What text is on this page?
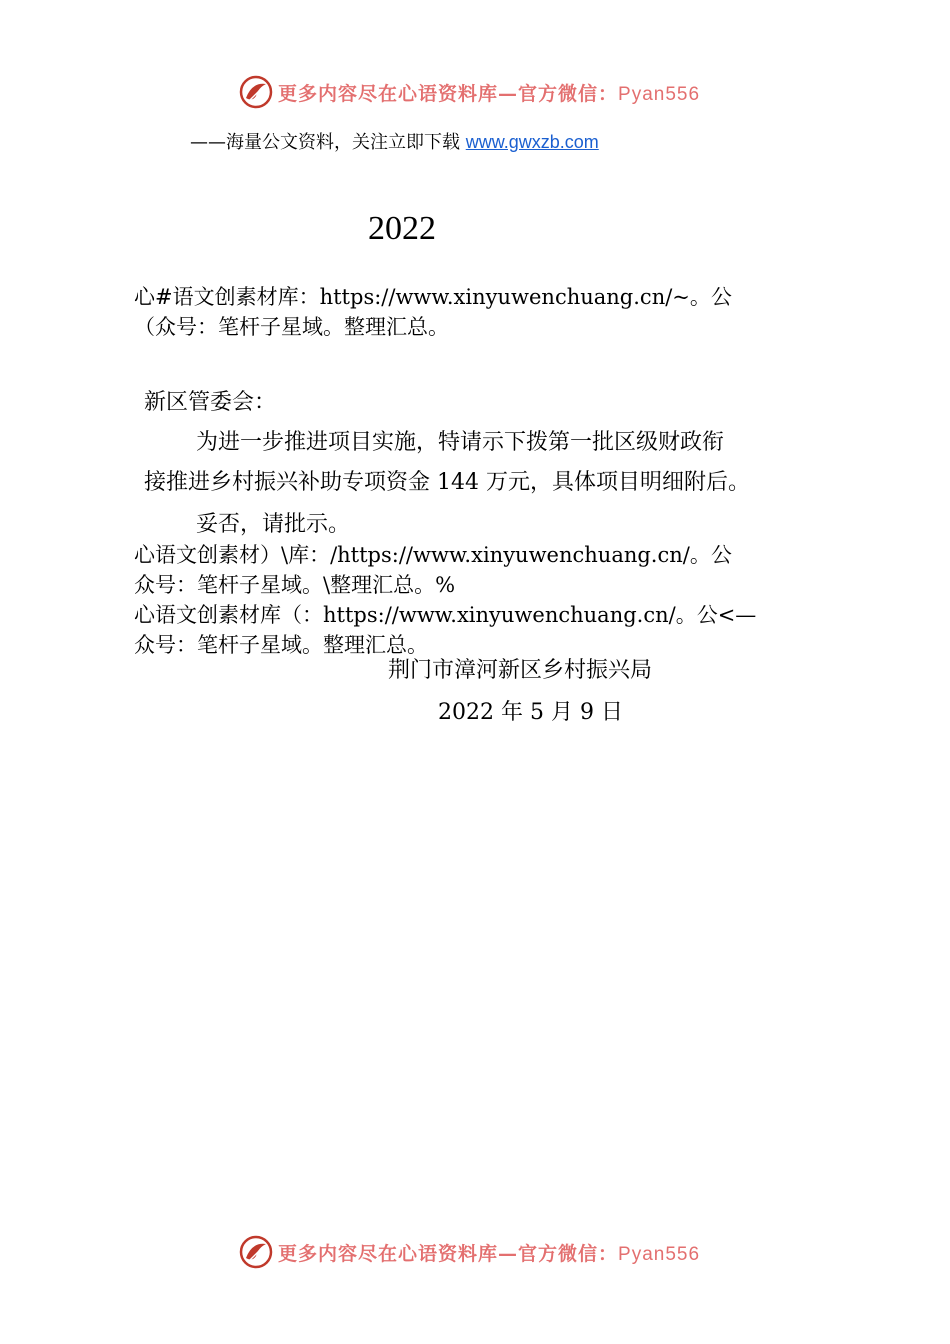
更多内容尽在心语资料库—官方微信：Pyan556
——海量公文资料，关注立即下载 www.gwxzb.com
2022
心#语文创素材库：https://www.xinyuwenchuang.cn/~。公
（众号：笔杆子星域。整理汇总。
新区管委会：
为进一步推进项目实施，特请示下拨第一批区级财政衔
接推进乡村振兴补助专项资金 144 万元，具体项目明细附后。
妥否，请批示。
心语文创素材）\库：/https://www.xinyuwenchuang.cn/。公
众号：笔杆子星域。\整理汇总。%
心语文创素材库（：https://www.xinyuwenchuang.cn/。公<—
众号：笔杆子星域。整理汇总。
荆门市漳河新区乡村振兴局
2022 年 5 月 9 日
更多内容尽在心语资料库—官方微信：Pyan556
